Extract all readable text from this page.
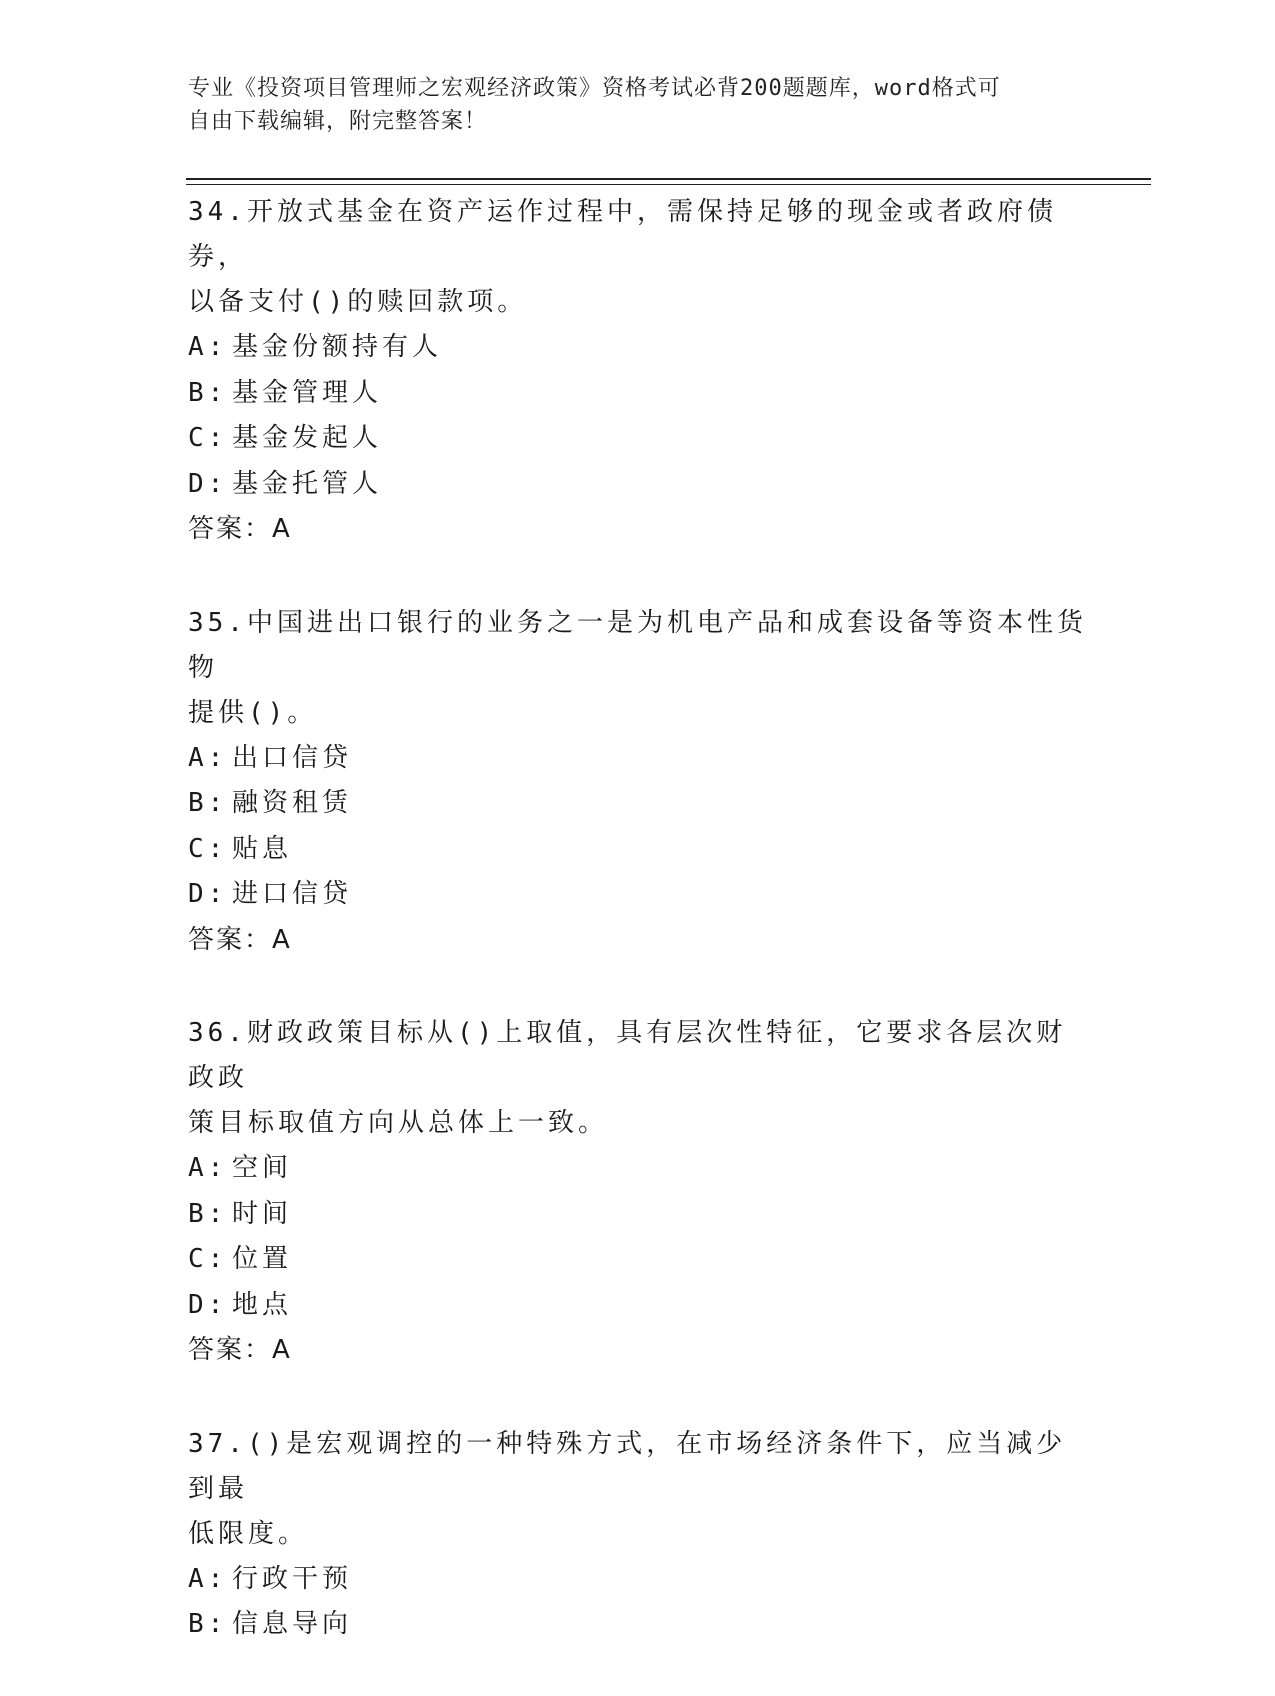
专业《投资项目管理师之宏观经济政策》资格考试必背200题题库，word格式可
自由下载编辑，附完整答案！

34.开放式基金在资产运作过程中，需保持足够的现金或者政府债券，
以备支付()的赎回款项。

A: 基金份额持有人
B: 基金管理人
C: 基金发起人
D: 基金托管人

答案：A

35.中国进出口银行的业务之一是为机电产品和成套设备等资本性货物
提供()。

A: 出口信贷
B: 融资租赁
C: 贴息
D: 进口信贷

答案：A

36.财政政策目标从()上取值，具有层次性特征，它要求各层次财政政
策目标取值方向从总体上一致。

A: 空间
B: 时间
C: 位置
D: 地点

答案：A

37.()是宏观调控的一种特殊方式，在市场经济条件下，应当减少到最
低限度。

A: 行政干预
B: 信息导向
